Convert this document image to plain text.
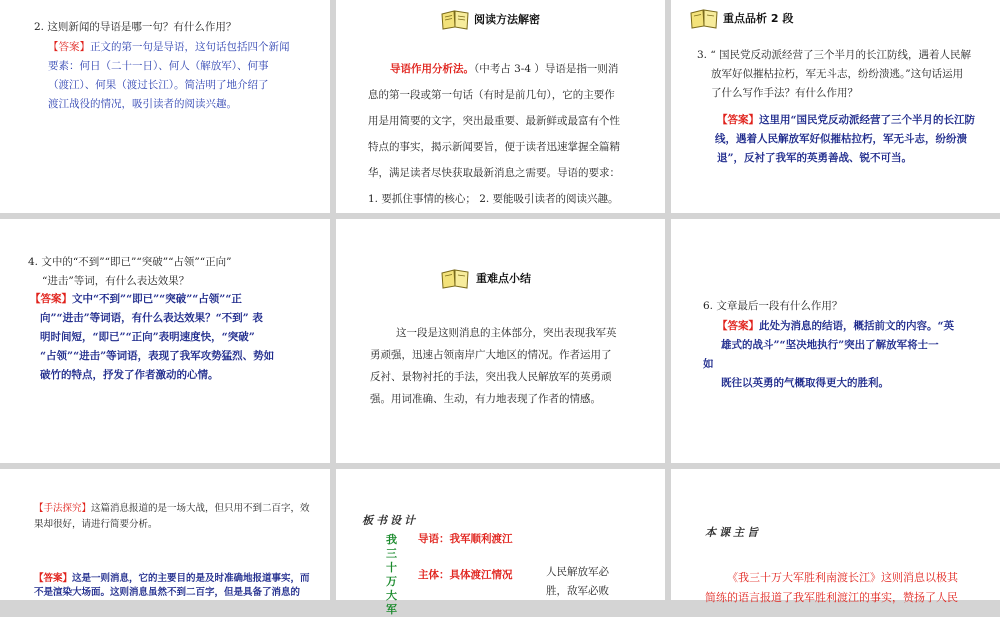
2. 这则新闻的导语是哪一句？有什么作用？
【答案】正文的第一句是导语，这句话包括四个新闻
要素：何日（二十一日）、何人（解放军）、何事
（渡江）、何果（渡过长江）。简洁明了地介绍了
渡江战役的情况，吸引读者的阅读兴趣。
阅读方法解密
导语作用分析法。（中考占 3-4 ）导语是指一则消
息的第一段或第一句话（有时是前几句），它的主要作
用是用简要的文字，突出最重要、最新鲜或最富有个性
特点的事实，揭示新闻要旨，便于读者迅速掌握全篇精
华，满足读者尽快获取最新消息之需要。导语的要求：
1. 要抓住事情的核心； 2. 要能吸引读者的阅读兴趣。
重点品析 2 段
3. “ 国民党反动派经营了三个半月的长江防线，遇着人民解
放军好似摧枯拉朽，军无斗志，纷纷溃逃。”这句话运用
了什么写作手法？有什么作用？
【答案】这里用“国民党反动派经营了三个半月的长江防
线，遇着人民解放军好似摧枯拉朽，军无斗志，纷纷溃
退”，反衬了我军的英勇善战、锐不可当。
4. 文中的“不到”“即已”“突破”“占领”“正向”
“进击”等词，有什么表达效果？
【答案】文中“不到”“即已”“突破”“占领”“正
向”“进击”等词语，有什么表达效果？“不到” 表
明时间短，“即已”“正向”表明速度快，“突破”
“占领”“进击”等词语，表现了我军攻势猛烈、势如
破竹的特点，抒发了作者激动的心情。
重难点小结
这一段是这则消息的主体部分，突出表现我军英
勇顽强，迅速占领南岸广大地区的情况。作者运用了
反衬、景物衬托的手法，突出我人民解放军的英勇顽
强。用词准确、生动，有力地表现了作者的情感。
6. 文章最后一段有什么作用？
【答案】此处为消息的结语，概括前文的内容。“英
雄式的战斗”“坚决地执行”突出了解放军将士一
如
既往以英勇的气概取得更大的胜利。
【手法探究】这篇消息报道的是一场大战，但只用不到二百字，效
果却很好，请进行简要分析。
【答案】这是一则消息，它的主要目的是及时准确地报道事实，而
不是渲染大场面。这则消息虽然不到二百字，但是具备了消息的
板书设计
我三十万大军
导语：我军顺利渡江
主体：具体渡江情况	人民解放军必
胜，敌军必败
本课主旨
《我三十万大军胜利南渡长江》这则消息以极其
简练的语言报道了我军胜利渡江的事实，赞扬了人民
